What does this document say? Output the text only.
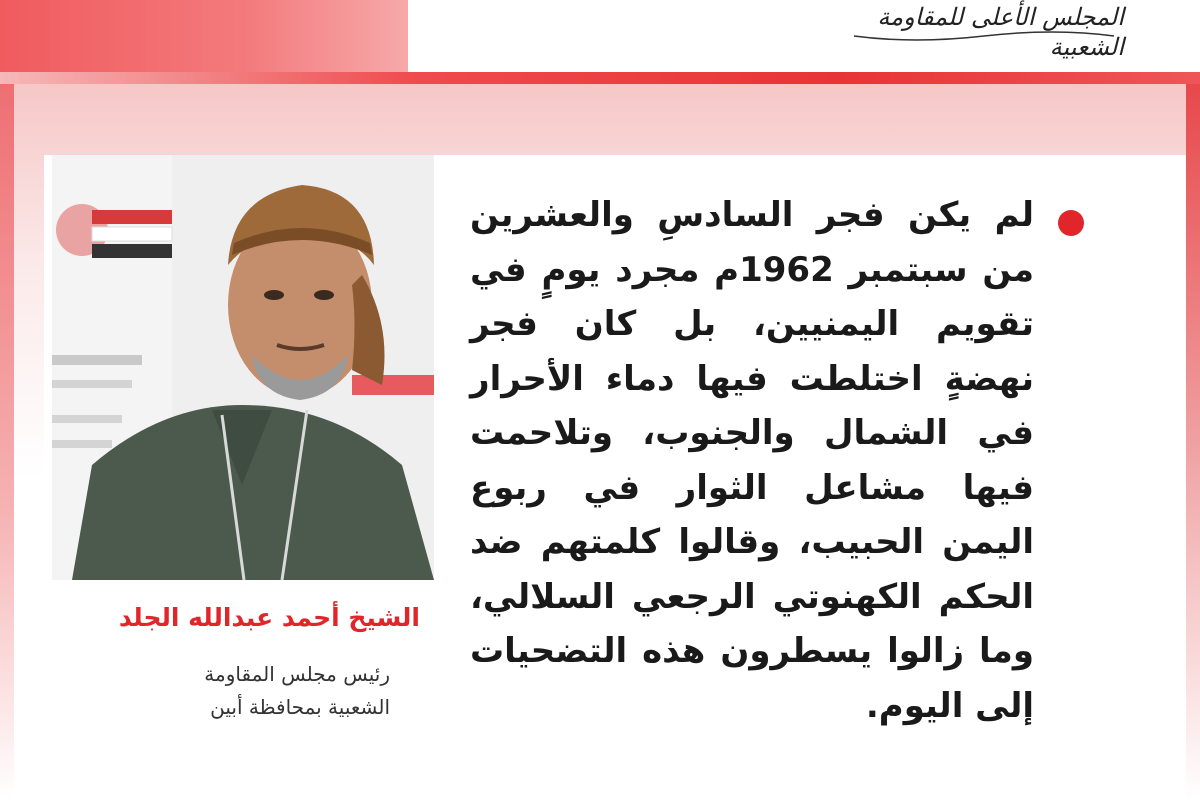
المجلس الأعلى للمقاومة الشعبية
الشيخ أحمد عبدالله الجلد
رئيس مجلس المقاومة
الشعبية بمحافظة أبين
لم يكن فجر السادسِ والعشرين من سبتمبر 1962م مجرد يومٍ في تقويم اليمنيين، بل كان فجر نهضةٍ اختلطت فيها دماء الأحرار في الشمال والجنوب، وتلاحمت فيها مشاعل الثوار في ربوع اليمن الحبيب، وقالوا كلمتهم ضد الحكم الكهنوتي الرجعي السلالي، وما زالوا يسطرون هذه التضحيات إلى اليوم.
